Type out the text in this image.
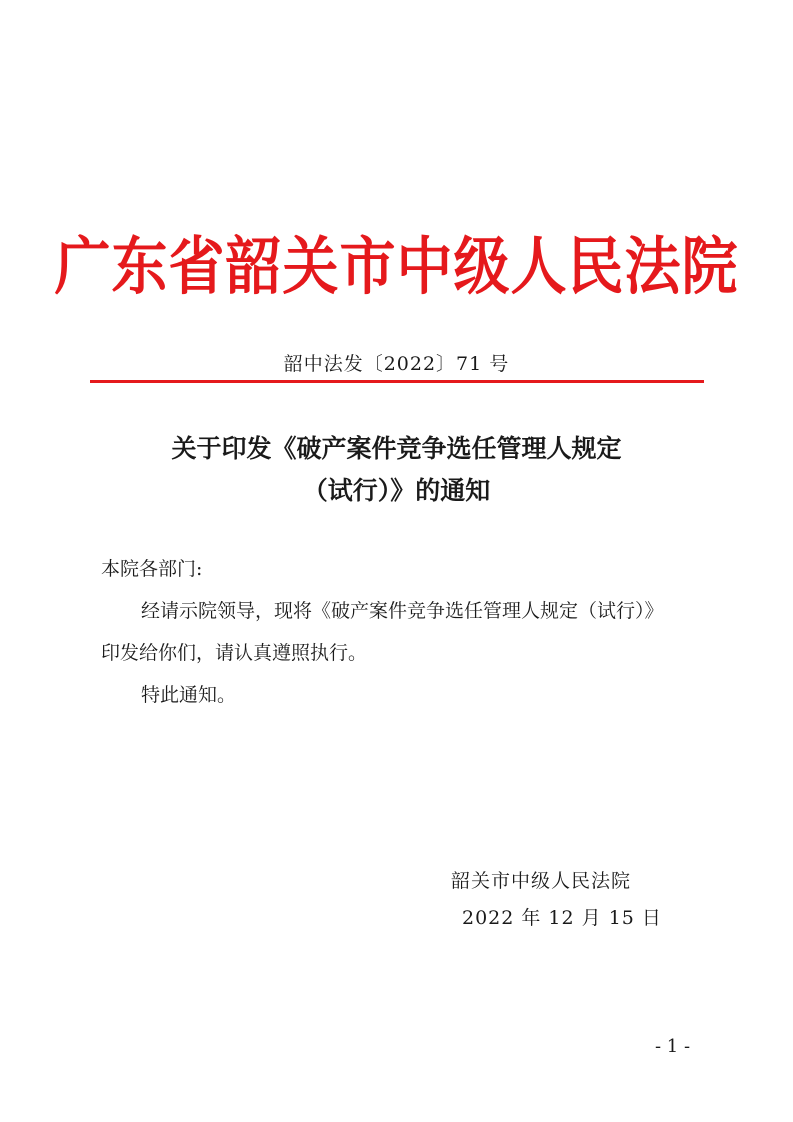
广东省韶关市中级人民法院
韶中法发〔2022〕71 号
关于印发《破产案件竞争选任管理人规定
（试行）》的通知
本院各部门:
经请示院领导，现将《破产案件竞争选任管理人规定（试行）》
印发给你们，请认真遵照执行。
特此通知。
韶关市中级人民法院
2022 年 12 月 15 日
- 1 -
